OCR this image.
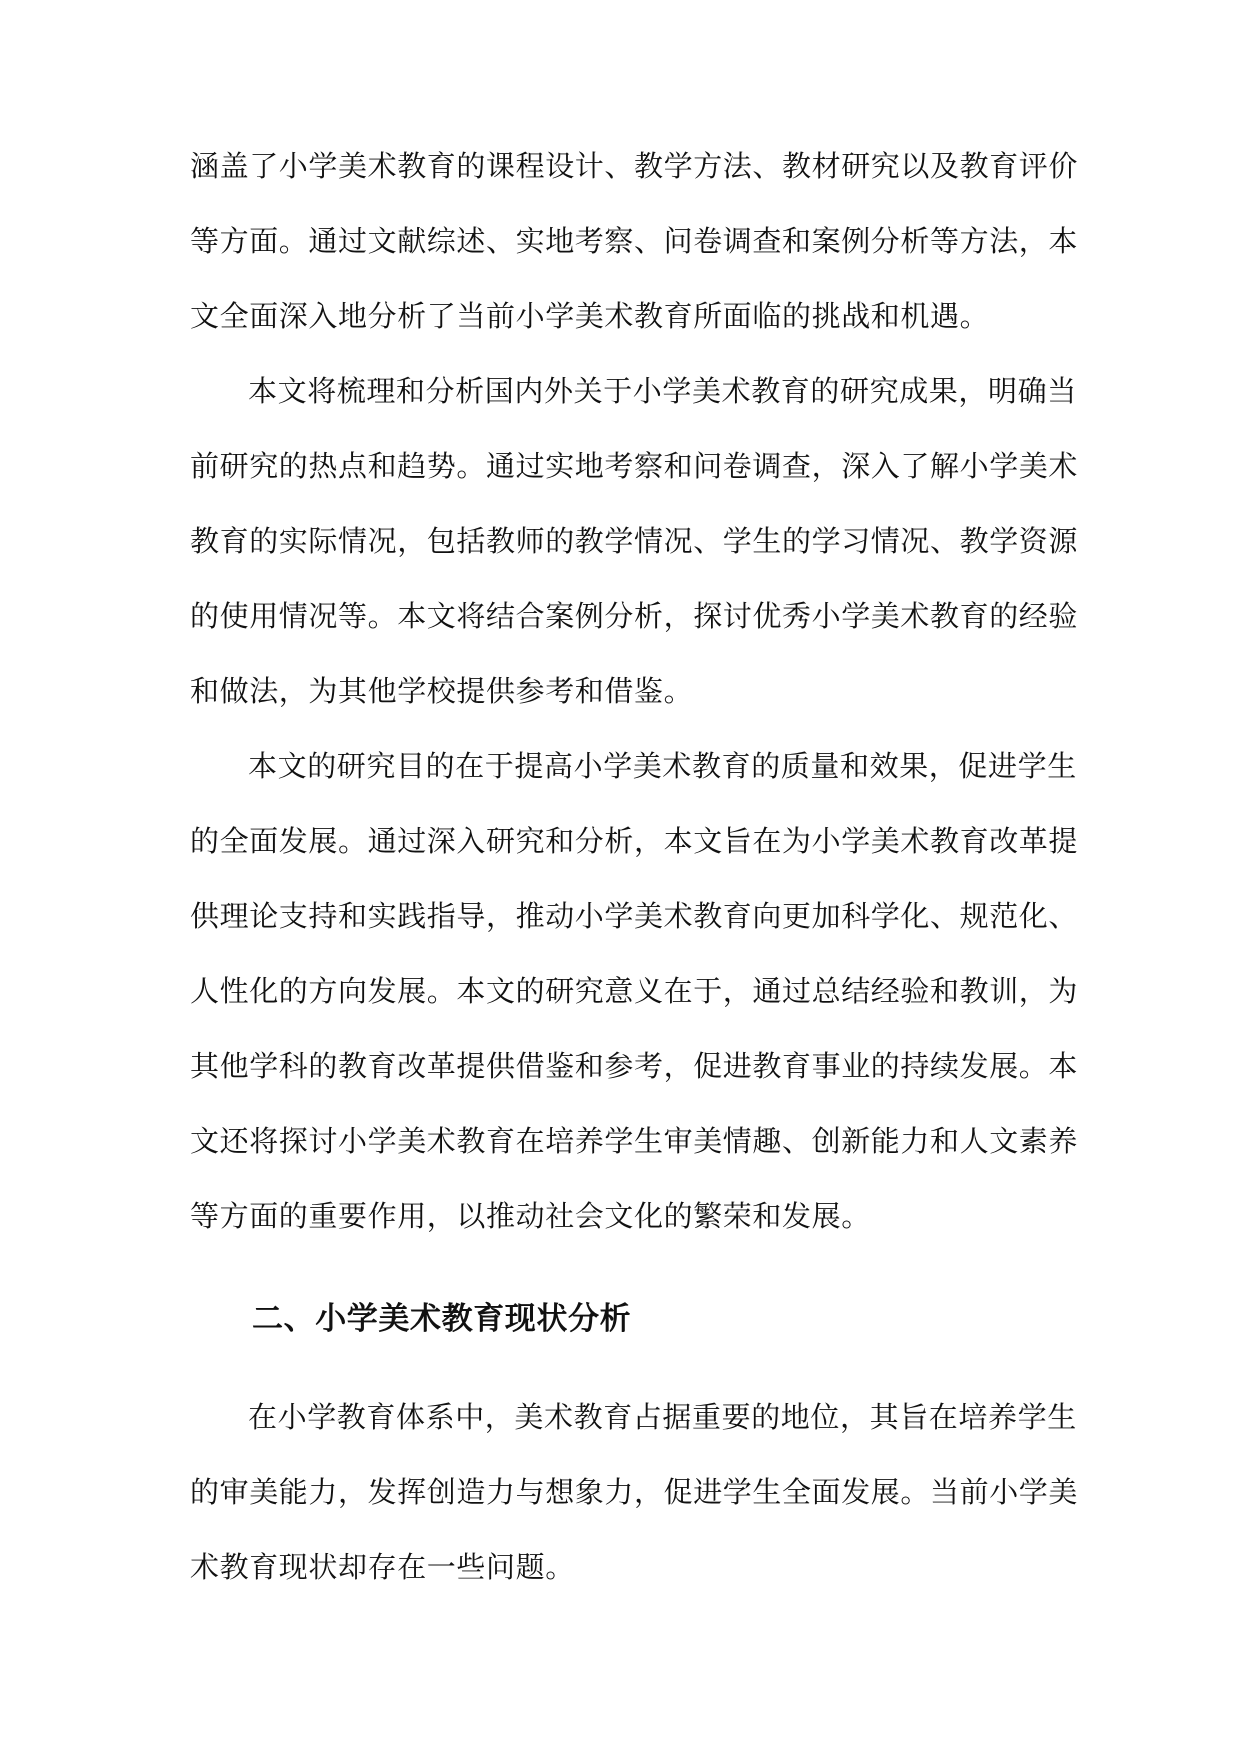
涵盖了小学美术教育的课程设计、教学方法、教材研究以及教育评价
等方面。通过文献综述、实地考察、问卷调查和案例分析等方法，本
文全面深入地分析了当前小学美术教育所面临的挑战和机遇。
本文将梳理和分析国内外关于小学美术教育的研究成果，明确当
前研究的热点和趋势。通过实地考察和问卷调查，深入了解小学美术
教育的实际情况，包括教师的教学情况、学生的学习情况、教学资源
的使用情况等。本文将结合案例分析，探讨优秀小学美术教育的经验
和做法，为其他学校提供参考和借鉴。
本文的研究目的在于提高小学美术教育的质量和效果，促进学生
的全面发展。通过深入研究和分析，本文旨在为小学美术教育改革提
供理论支持和实践指导，推动小学美术教育向更加科学化、规范化、
人性化的方向发展。本文的研究意义在于，通过总结经验和教训，为
其他学科的教育改革提供借鉴和参考，促进教育事业的持续发展。本
文还将探讨小学美术教育在培养学生审美情趣、创新能力和人文素养
等方面的重要作用，以推动社会文化的繁荣和发展。
二、小学美术教育现状分析
在小学教育体系中，美术教育占据重要的地位，其旨在培养学生
的审美能力，发挥创造力与想象力，促进学生全面发展。当前小学美
术教育现状却存在一些问题。
